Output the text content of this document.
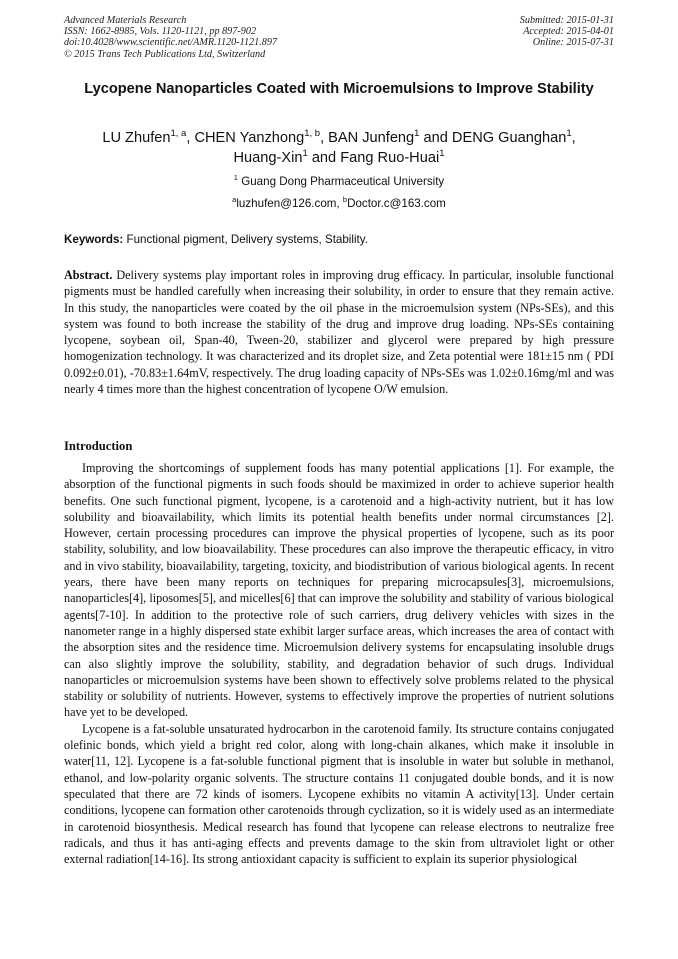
Advanced Materials Research
ISSN: 1662-8985, Vols. 1120-1121, pp 897-902
doi:10.4028/www.scientific.net/AMR.1120-1121.897
© 2015 Trans Tech Publications Ltd, Switzerland
Submitted: 2015-01-31
Accepted: 2015-04-01
Online: 2015-07-31
Lycopene Nanoparticles Coated with Microemulsions to Improve Stability
LU Zhufen$^{1, a}$, CHEN Yanzhong$^{1, b}$, BAN Junfeng$^1$ and DENG Guanghan$^1$,
Huang-Xin$^1$ and Fang Ruo-Huai$^1$
$^1$ Guang Dong Pharmaceutical University
$^a$luzhufen@126.com, $^b$Doctor.c@163.com
Keywords: Functional pigment, Delivery systems, Stability.
Abstract. Delivery systems play important roles in improving drug efficacy. In particular, insoluble functional pigments must be handled carefully when increasing their solubility, in order to ensure that they remain active. In this study, the nanoparticles were coated by the oil phase in the microemulsion system (NPs-SEs), and this system was found to both increase the stability of the drug and improve drug loading. NPs-SEs containing lycopene, soybean oil, Span-40, Tween-20, stabilizer and glycerol were prepared by high pressure homogenization technology. It was characterized and its droplet size, and Zeta potential were 181±15 nm ( PDI 0.092±0.01), -70.83±1.64mV, respectively. The drug loading capacity of NPs-SEs was 1.02±0.16mg/ml and was nearly 4 times more than the highest concentration of lycopene O/W emulsion.
Introduction

Improving the shortcomings of supplement foods has many potential applications [1]. For example, the absorption of the functional pigments in such foods should be maximized in order to achieve superior health benefits. One such functional pigment, lycopene, is a carotenoid and a high-activity nutrient, but it has low solubility and bioavailability, which limits its potential health benefits under normal circumstances [2]. However, certain processing procedures can improve the physical properties of lycopene, such as its poor stability, solubility, and low bioavailability. These procedures can also improve the therapeutic efficacy, in vitro and in vivo stability, bioavailability, targeting, toxicity, and biodistribution of various biological agents. In recent years, there have been many reports on techniques for preparing microcapsules[3], microemulsions, nanoparticles[4], liposomes[5], and micelles[6] that can improve the solubility and stability of various biological agents[7-10]. In addition to the protective role of such carriers, drug delivery vehicles with sizes in the nanometer range in a highly dispersed state exhibit larger surface areas, which increases the area of contact with the absorption sites and the residence time. Microemulsion delivery systems for encapsulating insoluble drugs can also slightly improve the solubility, stability, and degradation behavior of such drugs. Individual nanoparticles or microemulsion systems have been shown to effectively solve problems related to the physical stability or solubility of nutrients. However, systems to effectively improve the properties of nutrient solutions have yet to be developed.

Lycopene is a fat-soluble unsaturated hydrocarbon in the carotenoid family. Its structure contains conjugated olefinic bonds, which yield a bright red color, along with long-chain alkanes, which make it insoluble in water[11, 12]. Lycopene is a fat-soluble functional pigment that is insoluble in water but soluble in methanol, ethanol, and low-polarity organic solvents. The structure contains 11 conjugated double bonds, and it is now speculated that there are 72 kinds of isomers. Lycopene exhibits no vitamin A activity[13]. Under certain conditions, lycopene can formation other carotenoids through cyclization, so it is widely used as an intermediate in carotenoid biosynthesis. Medical research has found that lycopene can release electrons to neutralize free radicals, and thus it has anti-aging effects and prevents damage to the skin from ultraviolet light or other external radiation[14-16]. Its strong antioxidant capacity is sufficient to explain its superior physiological
